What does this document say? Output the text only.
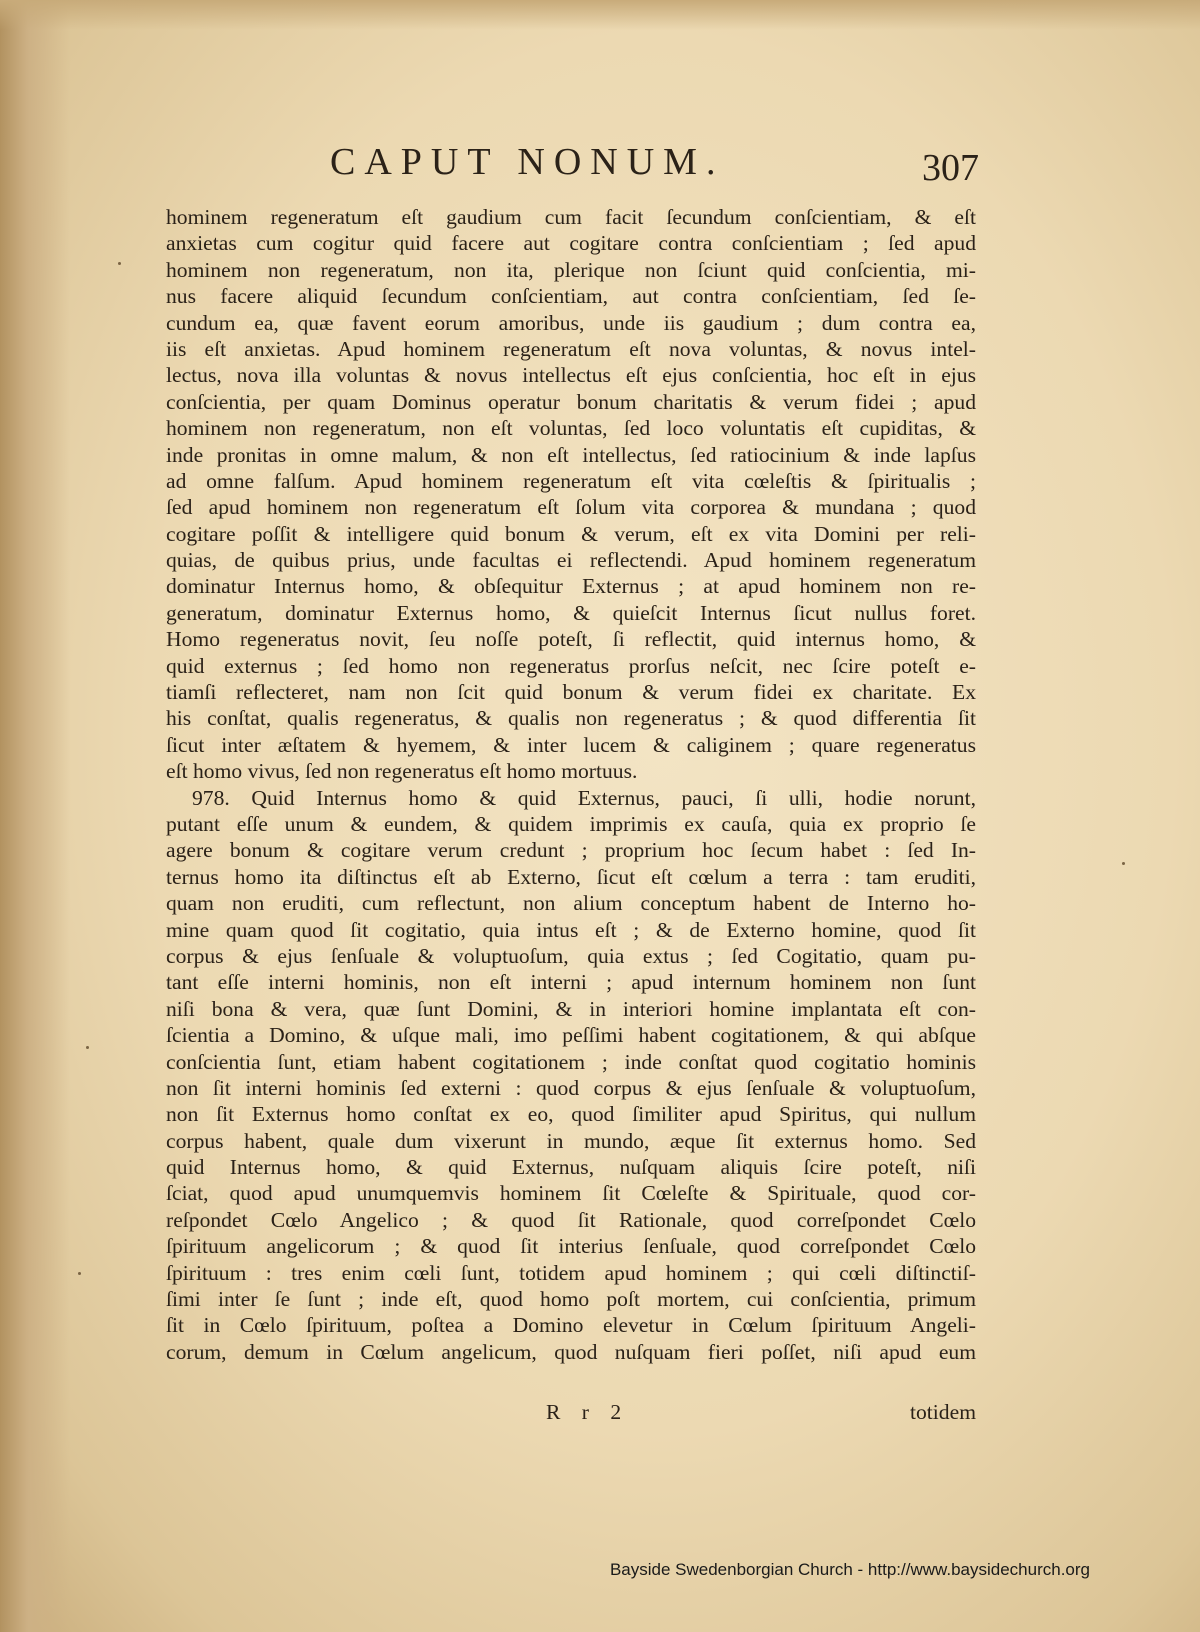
CAPUT NONUM.	307
hominem regeneratum eſt gaudium cum facit ſecundum conſcientiam, & eſt
anxietas cum cogitur quid facere aut cogitare contra conſcientiam ; ſed apud
hominem non regeneratum, non ita, plerique non ſciunt quid conſcientia, mi-
nus facere aliquid ſecundum conſcientiam, aut contra conſcientiam, ſed ſe-
cundum ea, quæ favent eorum amoribus, unde iis gaudium ; dum contra ea,
iis eſt anxietas. Apud hominem regeneratum eſt nova voluntas, & novus intel-
lectus, nova illa voluntas & novus intellectus eſt ejus conſcientia, hoc eſt in ejus
conſcientia, per quam Dominus operatur bonum charitatis & verum fidei ; apud
hominem non regeneratum, non eſt voluntas, ſed loco voluntatis eſt cupiditas, &
inde pronitas in omne malum, & non eſt intellectus, ſed ratiocinium & inde lapſus
ad omne falſum. Apud hominem regeneratum eſt vita cœleſtis & ſpiritualis ;
ſed apud hominem non regeneratum eſt ſolum vita corporea & mundana ; quod
cogitare poſſit & intelligere quid bonum & verum, eſt ex vita Domini per reli-
quias, de quibus prius, unde facultas ei reflectendi. Apud hominem regeneratum
dominatur Internus homo, & obſequitur Externus ; at apud hominem non re-
generatum, dominatur Externus homo, & quieſcit Internus ſicut nullus foret.
Homo regeneratus novit, ſeu noſſe poteſt, ſi reflectit, quid internus homo, &
quid externus ; ſed homo non regeneratus prorſus neſcit, nec ſcire poteſt e-
tiamſi reflecteret, nam non ſcit quid bonum & verum fidei ex charitate. Ex
his conſtat, qualis regeneratus, & qualis non regeneratus ; & quod differentia ſit
ſicut inter æſtatem & hyemem, & inter lucem & caliginem ; quare regeneratus
eſt homo vivus, ſed non regeneratus eſt homo mortuus.
978. Quid Internus homo & quid Externus, pauci, ſi ulli, hodie norunt,
putant eſſe unum & eundem, & quidem imprimis ex cauſa, quia ex proprio ſe
agere bonum & cogitare verum credunt ; proprium hoc ſecum habet : ſed In-
ternus homo ita diſtinctus eſt ab Externo, ſicut eſt cœlum a terra : tam eruditi,
quam non eruditi, cum reflectunt, non alium conceptum habent de Interno ho-
mine quam quod ſit cogitatio, quia intus eſt ; & de Externo homine, quod ſit
corpus & ejus ſenſuale & voluptuoſum, quia extus ; ſed Cogitatio, quam pu-
tant eſſe interni hominis, non eſt interni ; apud internum hominem non ſunt
niſi bona & vera, quæ ſunt Domini, & in interiori homine implantata eſt con-
ſcientia a Domino, & uſque mali, imo peſſimi habent cogitationem, & qui abſque
conſcientia ſunt, etiam habent cogitationem ; inde conſtat quod cogitatio hominis
non ſit interni hominis ſed externi : quod corpus & ejus ſenſuale & voluptuoſum,
non ſit Externus homo conſtat ex eo, quod ſimiliter apud Spiritus, qui nullum
corpus habent, quale dum vixerunt in mundo, æque ſit externus homo. Sed
quid Internus homo, & quid Externus, nuſquam aliquis ſcire poteſt, niſi
ſciat, quod apud unumquemvis hominem ſit Cœleſte & Spirituale, quod cor-
reſpondet Cœlo Angelico ; & quod ſit Rationale, quod correſpondet Cœlo
ſpirituum angelicorum ; & quod ſit interius ſenſuale, quod correſpondet Cœlo
ſpirituum : tres enim cœli ſunt, totidem apud hominem ; qui cœli diſtinctiſ-
ſimi inter ſe ſunt ; inde eſt, quod homo poſt mortem, cui conſcientia, primum
ſit in Cœlo ſpirituum, poſtea a Domino elevetur in Cœlum ſpirituum Angeli-
corum, demum in Cœlum angelicum, quod nuſquam fieri poſſet, niſi apud eum
R r 2	totidem
Bayside Swedenborgian Church - http://www.baysidechurch.org
